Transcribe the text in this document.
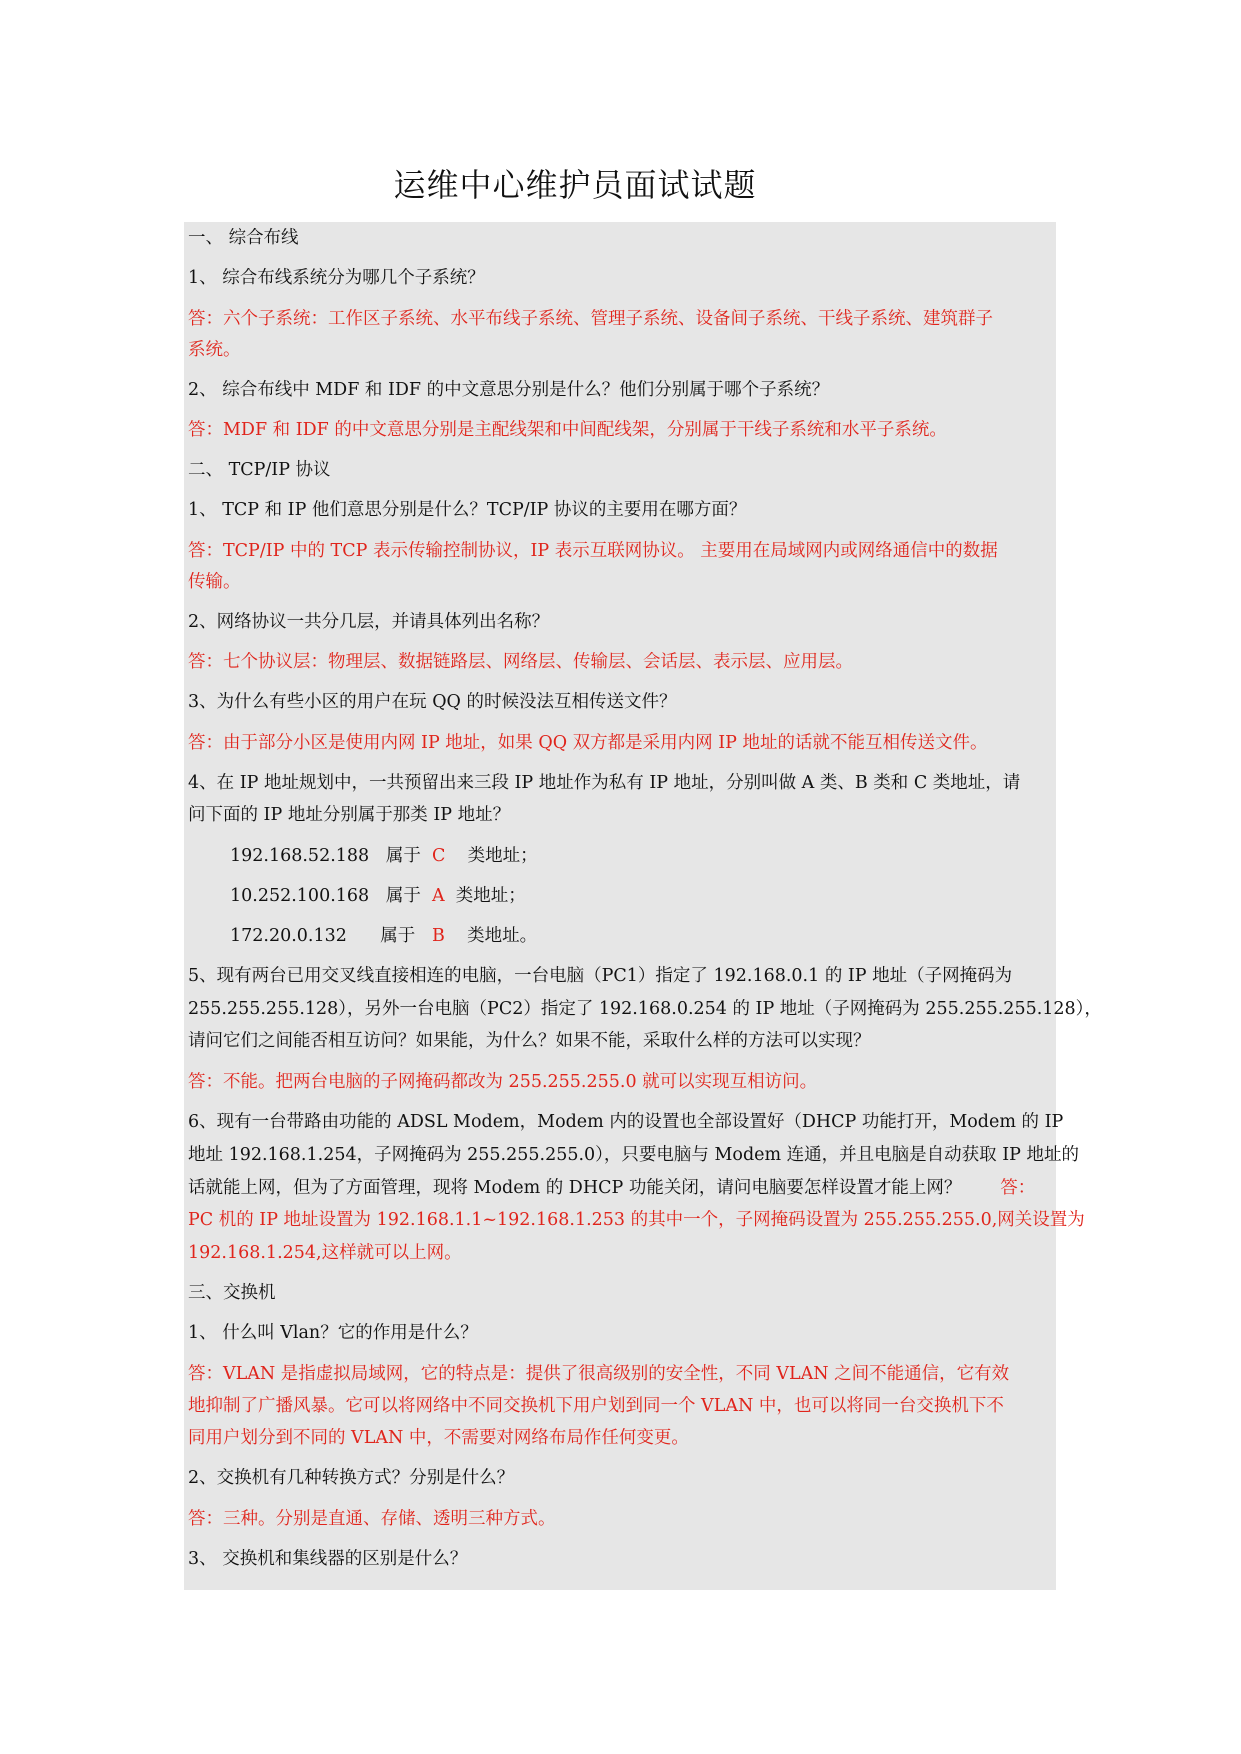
运维中心维护员面试试题
一、 综合布线
1、 综合布线系统分为哪几个子系统？
答：六个子系统：工作区子系统、水平布线子系统、管理子系统、设备间子系统、干线子系统、建筑群子
系统。
2、 综合布线中 MDF 和 IDF 的中文意思分别是什么？他们分别属于哪个子系统？
答：MDF 和 IDF 的中文意思分别是主配线架和中间配线架，分别属于干线子系统和水平子系统。
二、 TCP/IP 协议
1、 TCP 和 IP 他们意思分别是什么？TCP/IP 协议的主要用在哪方面？
答：TCP/IP 中的 TCP 表示传输控制协议，IP 表示互联网协议。 主要用在局域网内或网络通信中的数据
传输。
2、网络协议一共分几层，并请具体列出名称？
答：七个协议层：物理层、数据链路层、网络层、传输层、会话层、表示层、应用层。
3、为什么有些小区的用户在玩 QQ 的时候没法互相传送文件？
答：由于部分小区是使用内网 IP 地址，如果 QQ 双方都是采用内网 IP 地址的话就不能互相传送文件。
4、在 IP 地址规划中，一共预留出来三段 IP 地址作为私有 IP 地址，分别叫做 A 类、B 类和 C 类地址，请
问下面的 IP 地址分别属于那类 IP 地址？
192.168.52.188 属于 C 类地址；
10.252.100.168 属于 A 类地址；
172.20.0.132 属于 B 类地址。
5、现有两台已用交叉线直接相连的电脑，一台电脑（PC1）指定了 192.168.0.1 的 IP 地址（子网掩码为
255.255.255.128），另外一台电脑（PC2）指定了 192.168.0.254 的 IP 地址（子网掩码为 255.255.255.128），
请问它们之间能否相互访问？如果能，为什么？如果不能，采取什么样的方法可以实现？
答：不能。把两台电脑的子网掩码都改为 255.255.255.0 就可以实现互相访问。
6、现有一台带路由功能的 ADSL Modem，Modem 内的设置也全部设置好（DHCP 功能打开，Modem 的 IP
地址 192.168.1.254，子网掩码为 255.255.255.0），只要电脑与 Modem 连通，并且电脑是自动获取 IP 地址的
话就能上网，但为了方面管理，现将 Modem 的 DHCP 功能关闭，请问电脑要怎样设置才能上网？ 答：
PC 机的 IP 地址设置为 192.168.1.1~192.168.1.253 的其中一个，子网掩码设置为 255.255.255.0,网关设置为
192.168.1.254,这样就可以上网。
三、交换机
1、 什么叫 Vlan？它的作用是什么？
答：VLAN 是指虚拟局域网，它的特点是：提供了很高级别的安全性，不同 VLAN 之间不能通信，它有效
地抑制了广播风暴。它可以将网络中不同交换机下用户划到同一个 VLAN 中，也可以将同一台交换机下不
同用户划分到不同的 VLAN 中，不需要对网络布局作任何变更。
2、交换机有几种转换方式？分别是什么？
答：三种。分别是直通、存储、透明三种方式。
3、 交换机和集线器的区别是什么？
